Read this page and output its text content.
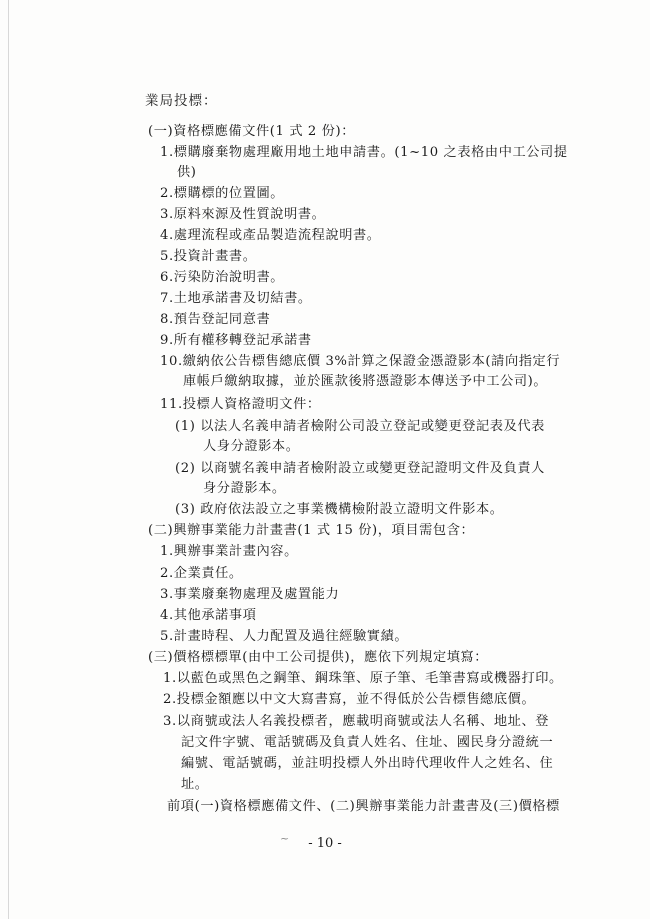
業局投標：
(一)資格標應備文件(1 式 2 份)：
1.標購廢棄物處理廠用地土地申請書。(1~10 之表格由中工公司提
供)
2.標購標的位置圖。
3.原料來源及性質說明書。
4.處理流程或產品製造流程說明書。
5.投資計畫書。
6.污染防治說明書。
7.土地承諾書及切結書。
8.預告登記同意書
9.所有權移轉登記承諾書
10.繳納依公告標售總底價 3%計算之保證金憑證影本(請向指定行
庫帳戶繳納取據，並於匯款後將憑證影本傳送予中工公司)。
11.投標人資格證明文件：
(1) 以法人名義申請者檢附公司設立登記或變更登記表及代表
人身分證影本。
(2) 以商號名義申請者檢附設立或變更登記證明文件及負責人
身分證影本。
(3) 政府依法設立之事業機構檢附設立證明文件影本。
(二)興辦事業能力計畫書(1 式 15 份)，項目需包含：
1.興辦事業計畫內容。
2.企業責任。
3.事業廢棄物處理及處置能力
4.其他承諾事項
5.計畫時程、人力配置及過往經驗實績。
(三)價格標標單(由中工公司提供)，應依下列規定填寫：
1.以藍色或黑色之鋼筆、鋼珠筆、原子筆、毛筆書寫或機器打印。
2.投標金額應以中文大寫書寫，並不得低於公告標售總底價。
3.以商號或法人名義投標者，應載明商號或法人名稱、地址、登
記文件字號、電話號碼及負責人姓名、住址、國民身分證統一
編號、電話號碼，並註明投標人外出時代理收件人之姓名、住
址。
前項(一)資格標應備文件、(二)興辦事業能力計畫書及(三)價格標
~	- 10 -
